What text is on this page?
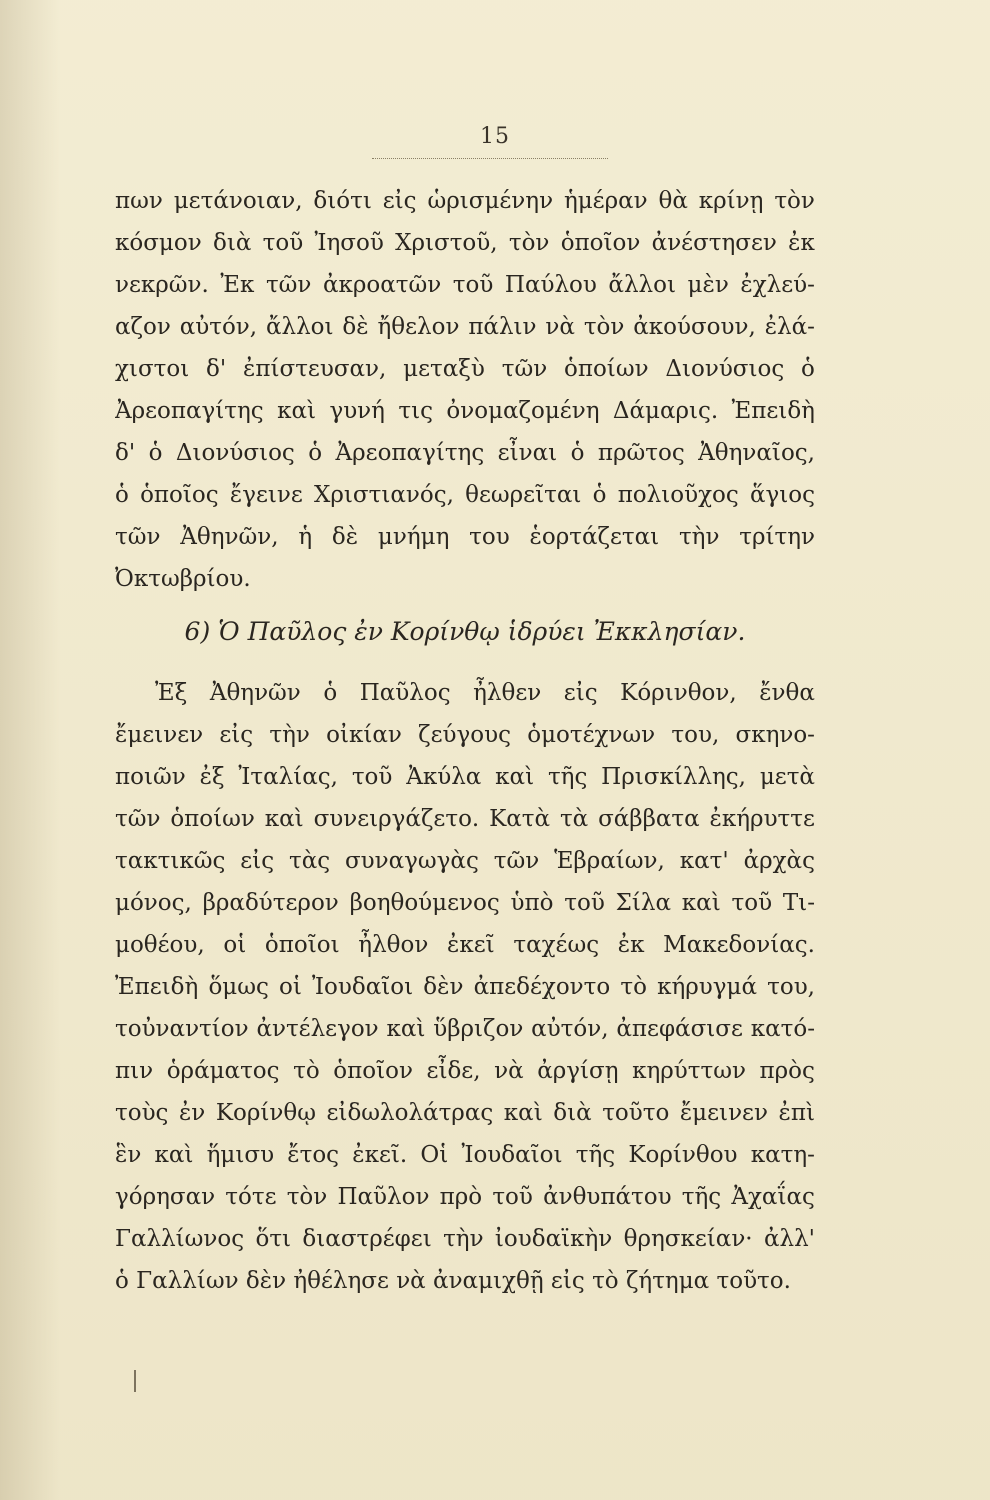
15
πων μετάνοιαν, διότι εἰς ὡρισμένην ἡμέραν θὰ κρίνῃ τὸν
κόσμον διὰ τοῦ Ἰησοῦ Χριστοῦ, τὸν ὁποῖον ἀνέστησεν ἐκ
νεκρῶν. Ἐκ τῶν ἀκροατῶν τοῦ Παύλου ἄλλοι μὲν ἐχλεύ-
αζον αὐτόν, ἄλλοι δὲ ἤθελον πάλιν νὰ τὸν ἀκούσουν, ἐλά-
χιστοι δ' ἐπίστευσαν, μεταξὺ τῶν ὁποίων Διονύσιος ὁ
Ἀρεοπαγίτης καὶ γυνή τις ὀνομαζομένη Δάμαρις. Ἐπειδὴ
δ' ὁ Διονύσιος ὁ Ἀρεοπαγίτης εἶναι ὁ πρῶτος Ἀθηναῖος,
ὁ ὁποῖος ἔγεινε Χριστιανός, θεωρεῖται ὁ πολιοῦχος ἅγιος
τῶν Ἀθηνῶν, ἡ δὲ μνήμη του ἑορτάζεται τὴν τρίτην
Ὀκτωβρίου.

6) Ὁ Παῦλος ἐν Κορίνθῳ ἱδρύει Ἐκκλησίαν.
Ἐξ Ἀθηνῶν ὁ Παῦλος ἦλθεν εἰς Κόρινθον, ἔνθα
ἔμεινεν εἰς τὴν οἰκίαν ζεύγους ὁμοτέχνων του, σκηνο-
ποιῶν ἐξ Ἰταλίας, τοῦ Ἀκύλα καὶ τῆς Πρισκίλλης, μετὰ
τῶν ὁποίων καὶ συνειργάζετο. Κατὰ τὰ σάββατα ἐκήρυττε
τακτικῶς εἰς τὰς συναγωγὰς τῶν Ἑβραίων, κατ' ἀρχὰς
μόνος, βραδύτερον βοηθούμενος ὑπὸ τοῦ Σίλα καὶ τοῦ Τι-
μοθέου, οἱ ὁποῖοι ἦλθον ἐκεῖ ταχέως ἐκ Μακεδονίας.
Ἐπειδὴ ὅμως οἱ Ἰουδαῖοι δὲν ἀπεδέχοντο τὸ κήρυγμά του,
τοὐναντίον ἀντέλεγον καὶ ὕβριζον αὐτόν, ἀπεφάσισε κατό-
πιν ὁράματος τὸ ὁποῖον εἶδε, νὰ ἀργίσῃ κηρύττων πρὸς
τοὺς ἐν Κορίνθῳ εἰδωλολάτρας καὶ διὰ τοῦτο ἔμεινεν ἐπὶ
ἓν καὶ ἥμισυ ἔτος ἐκεῖ. Οἱ Ἰουδαῖοι τῆς Κορίνθου κατη-
γόρησαν τότε τὸν Παῦλον πρὸ τοῦ ἀνθυπάτου τῆς Ἀχαΐας
Γαλλίωνος ὅτι διαστρέφει τὴν ἰουδαϊκὴν θρησκείαν· ἀλλ'
ὁ
Γαλλίων
δὲν
ἠθέλησε
νὰ
ἀναμιχθῇ
εἰς
τὸ
ζήτημα
τοῦτο.
